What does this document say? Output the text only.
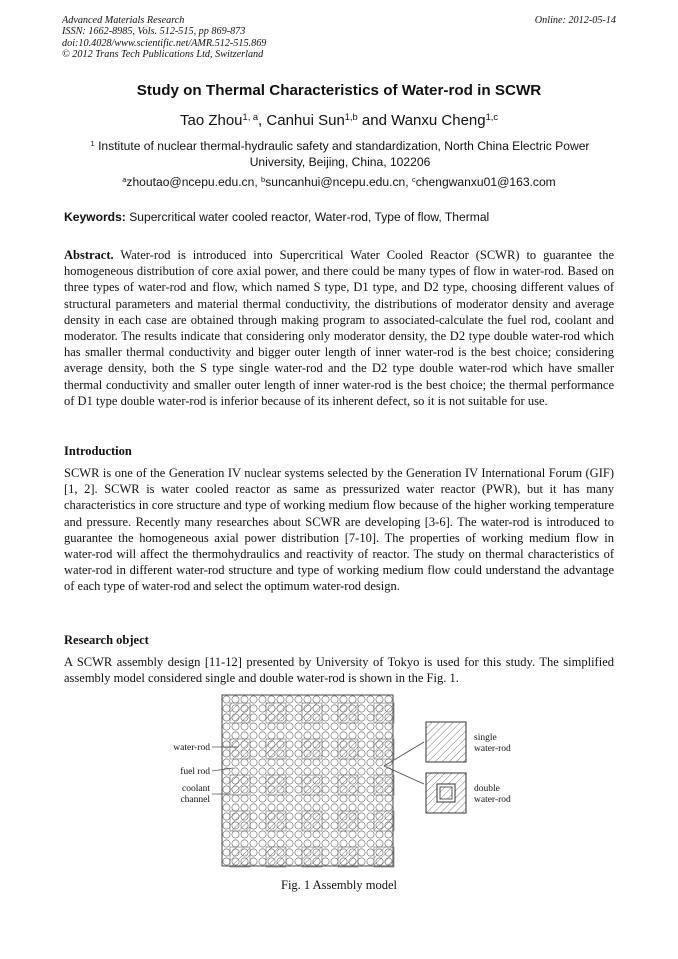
Advanced Materials Research
ISSN: 1662-8985, Vols. 512-515, pp 869-873
doi:10.4028/www.scientific.net/AMR.512-515.869
© 2012 Trans Tech Publications Ltd, Switzerland
Online: 2012-05-14
Study on Thermal Characteristics of Water-rod in SCWR
Tao Zhou$^{1, a}$, Canhui Sun$^{1,b}$ and Wanxu Cheng$^{1,c}$
$^1$ Institute of nuclear thermal-hydraulic safety and standardization, North China Electric Power University, Beijing, China, 102206
$^a$zhoutao@ncepu.edu.cn, $^b$suncanhui@ncepu.edu.cn, $^c$chengwanxu01@163.com
Keywords: Supercritical water cooled reactor, Water-rod, Type of flow, Thermal
Abstract. Water-rod is introduced into Supercritical Water Cooled Reactor (SCWR) to guarantee the homogeneous distribution of core axial power, and there could be many types of flow in water-rod. Based on three types of water-rod and flow, which named S type, D1 type, and D2 type, choosing different values of structural parameters and material thermal conductivity, the distributions of moderator density and average density in each case are obtained through making program to associated-calculate the fuel rod, coolant and moderator. The results indicate that considering only moderator density, the D2 type double water-rod which has smaller thermal conductivity and bigger outer length of inner water-rod is the best choice; considering average density, both the S type single water-rod and the D2 type double water-rod which have smaller thermal conductivity and smaller outer length of inner water-rod is the best choice; the thermal performance of D1 type double water-rod is inferior because of its inherent defect, so it is not suitable for use.
Introduction
SCWR is one of the Generation IV nuclear systems selected by the Generation IV International Forum (GIF) [1, 2]. SCWR is water cooled reactor as same as pressurized water reactor (PWR), but it has many characteristics in core structure and type of working medium flow because of the higher working temperature and pressure. Recently many researches about SCWR are developing [3-6]. The water-rod is introduced to guarantee the homogeneous axial power distribution [7-10]. The properties of working medium flow in water-rod will affect the thermohydraulics and reactivity of reactor. The study on thermal characteristics of water-rod in different water-rod structure and type of working medium flow could understand the advantage of each type of water-rod and select the optimum water-rod design.
Research object
A SCWR assembly design [11-12] presented by University of Tokyo is used for this study. The simplified assembly model considered single and double water-rod is shown in the Fig. 1.
water-rod
fuel rod
coolant
channel
single
water-rod
double
water-rod
Fig. 1 Assembly model
